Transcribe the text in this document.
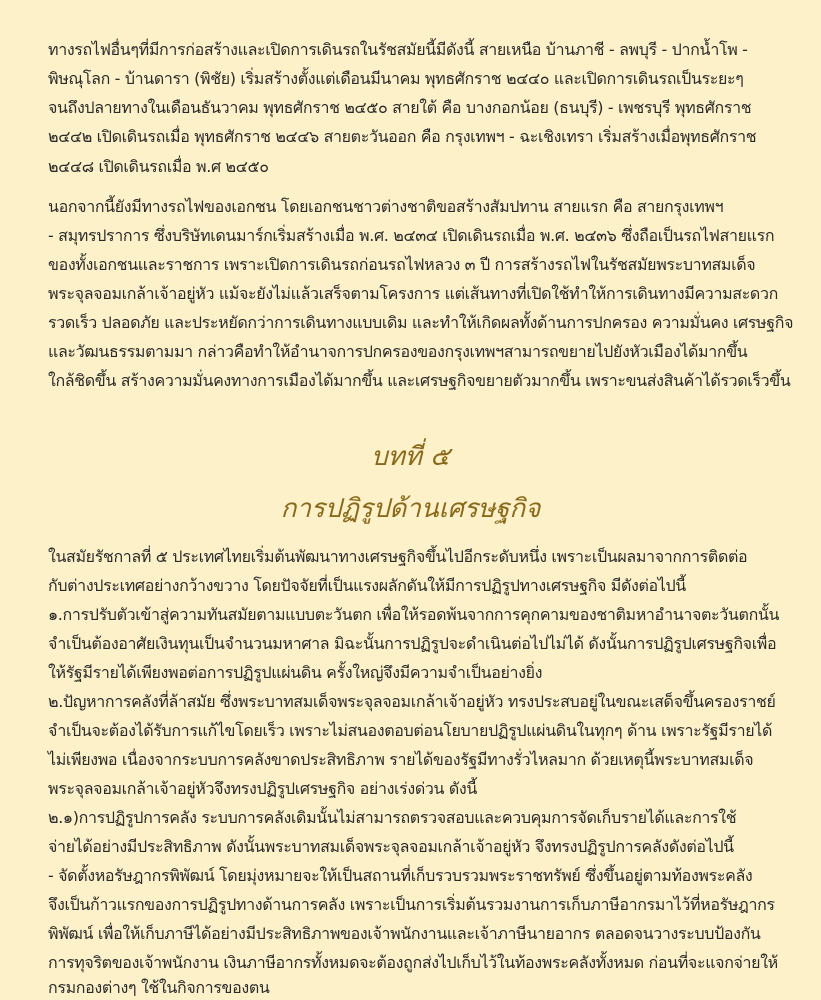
ทางรถไฟอื่นๆที่มีการก่อสร้างและเปิดการเดินรถในรัชสมัยนี้มีดังนี้ สายเหนือ บ้านภาชี - ลพบุรี - ปากน้ำโพ -
พิษณุโลก - บ้านดารา (พิชัย) เริ่มสร้างตั้งแต่เดือนมีนาคม พุทธศักราช ๒๔๔๐ และเปิดการเดินรถเป็นระยะๆ
จนถึงปลายทางในเดือนธันวาคม พุทธศักราช ๒๔๕๐ สายใต้ คือ บางกอกน้อย (ธนบุรี) - เพชรบุรี พุทธศักราช
๒๔๔๒ เปิดเดินรถเมื่อ พุทธศักราช ๒๔๔๖ สายตะวันออก คือ กรุงเทพฯ - ฉะเชิงเทรา เริ่มสร้างเมื่อพุทธศักราช
๒๔๔๘ เปิดเดินรถเมื่อ พ.ศ ๒๔๕๐
นอกจากนี้ยังมีทางรถไฟของเอกชน โดยเอกชนชาวต่างชาติขอสร้างสัมปทาน สายแรก คือ สายกรุงเทพฯ
- สมุทรปราการ ซึ่งบริษัทเดนมาร์กเริ่มสร้างเมื่อ พ.ศ. ๒๔๓๔ เปิดเดินรถเมื่อ พ.ศ. ๒๔๓๖ ซึ่งถือเป็นรถไฟสายแรก
ของทั้งเอกชนและราชการ เพราะเปิดการเดินรถก่อนรถไฟหลวง ๓ ปี การสร้างรถไฟในรัชสมัยพระบาทสมเด็จ
พระจุลจอมเกล้าเจ้าอยู่หัว แม้จะยังไม่แล้วเสร็จตามโครงการ แต่เส้นทางที่เปิดใช้ทำให้การเดินทางมีความสะดวก
รวดเร็ว ปลอดภัย และประหยัดกว่าการเดินทางแบบเดิม และทำให้เกิดผลทั้งด้านการปกครอง ความมั่นคง เศรษฐกิจ
และวัฒนธรรมตามมา กล่าวคือทำให้อำนาจการปกครองของกรุงเทพฯสามารถขยายไปยังหัวเมืองได้มากขึ้น
ใกล้ชิดขึ้น สร้างความมั่นคงทางการเมืองได้มากขึ้น และเศรษฐกิจขยายตัวมากขึ้น เพราะขนส่งสินค้าได้รวดเร็วขึ้น
บทที่ ๕
การปฏิรูปด้านเศรษฐกิจ
ในสมัยรัชกาลที่ ๕ ประเทศไทยเริ่มต้นพัฒนาทางเศรษฐกิจขึ้นไปอีกระดับหนึ่ง เพราะเป็นผลมาจากการติดต่อ
กับต่างประเทศอย่างกว้างขวาง โดยปัจจัยที่เป็นแรงผลักดันให้มีการปฏิรูปทางเศรษฐกิจ มีดังต่อไปนี้
๑.การปรับตัวเข้าสู่ความทันสมัยตามแบบตะวันตก เพื่อให้รอดพ้นจากการคุกคามของชาติมหาอำนาจตะวันตกนั้น
จำเป็นต้องอาศัยเงินทุนเป็นจำนวนมหาศาล มิฉะนั้นการปฏิรูปจะดำเนินต่อไปไม่ได้ ดังนั้นการปฏิรูปเศรษฐกิจเพื่อ
ให้รัฐมีรายได้เพียงพอต่อการปฏิรูปแผ่นดิน ครั้งใหญ่จึงมีความจำเป็นอย่างยิ่ง
๒.ปัญหาการคลังที่ล้าสมัย ซึ่งพระบาทสมเด็จพระจุลจอมเกล้าเจ้าอยู่หัว ทรงประสบอยู่ในขณะเสด็จขึ้นครองราชย์
จำเป็นจะต้องได้รับการแก้ไขโดยเร็ว เพราะไม่สนองตอบต่อนโยบายปฏิรูปแผ่นดินในทุกๆ ด้าน เพราะรัฐมีรายได้
ไม่เพียงพอ เนื่องจากระบบการคลังขาดประสิทธิภาพ รายได้ของรัฐมีทางรั่วไหลมาก ด้วยเหตุนี้พระบาทสมเด็จ
พระจุลจอมเกล้าเจ้าอยู่หัวจึงทรงปฏิรูปเศรษฐกิจ อย่างเร่งด่วน ดังนี้
๒.๑)การปฏิรูปการคลัง ระบบการคลังเดิมนั้นไม่สามารถตรวจสอบและควบคุมการจัดเก็บรายได้และการใช้
จ่ายได้อย่างมีประสิทธิภาพ ดังนั้นพระบาทสมเด็จพระจุลจอมเกล้าเจ้าอยู่หัว จึงทรงปฏิรูปการคลังดังต่อไปนี้
- จัดตั้งหอรัษฎากรพิพัฒน์ โดยมุ่งหมายจะให้เป็นสถานที่เก็บรวบรวมพระราชทรัพย์ ซึ่งขึ้นอยู่ตามท้องพระคลัง
จึงเป็นก้าวแรกของการปฏิรูปทางด้านการคลัง เพราะเป็นการเริ่มต้นรวมงานการเก็บภาษีอากรมาไว้ที่หอรัษฎากร
พิพัฒน์ เพื่อให้เก็บภาษีได้อย่างมีประสิทธิภาพของเจ้าพนักงานและเจ้าภาษีนายอากร ตลอดจนวางระบบป้องกัน
การทุจริตของเจ้าพนักงาน เงินภาษีอากรทั้งหมดจะต้องถูกส่งไปเก็บไว้ในท้องพระคลังทั้งหมด ก่อนที่จะแจกจ่ายให้
กรมกองต่างๆ ใช้ในกิจการของตน
